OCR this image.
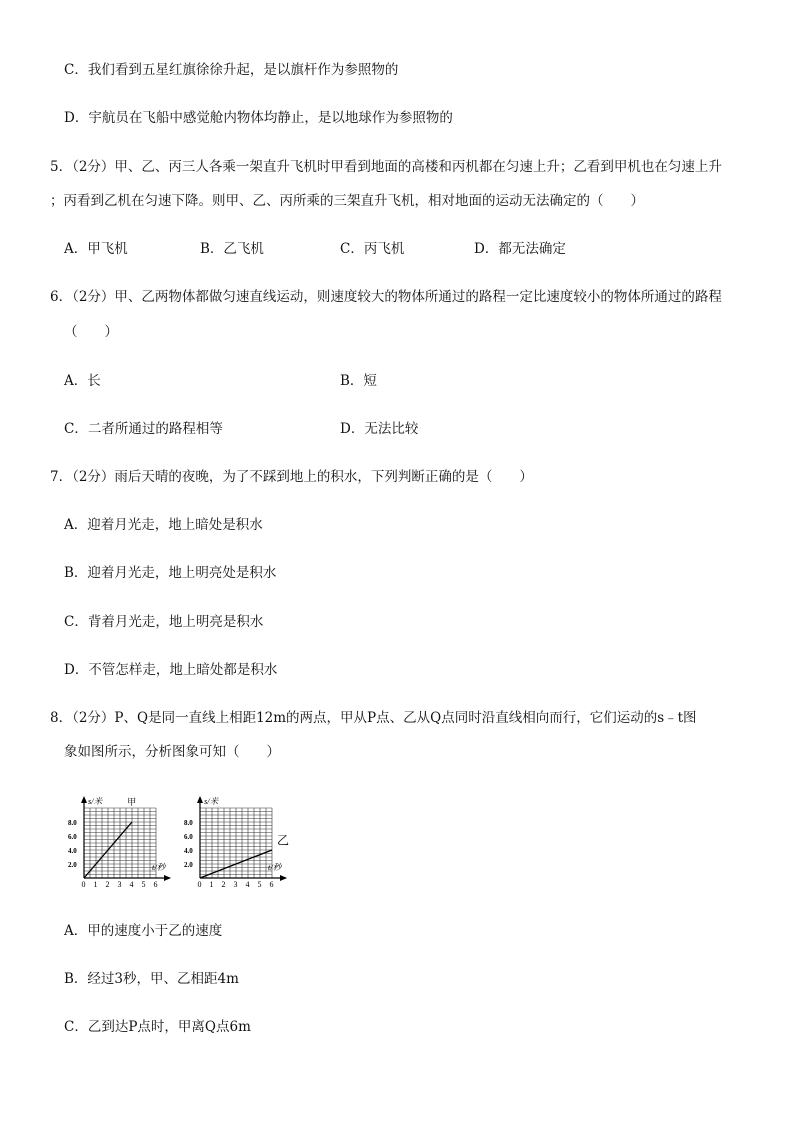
C．我们看到五星红旗徐徐升起，是以旗杆作为参照物的
D．宇航员在飞船中感觉舱内物体均静止，是以地球作为参照物的
5．（2分）甲、乙、丙三人各乘一架直升飞机时甲看到地面的高楼和丙机都在匀速上升；乙看到甲机也在匀速上升
；丙看到乙机在匀速下降。则甲、乙、丙所乘的三架直升飞机，相对地面的运动无法确定的（　　）
A．甲飞机	B．乙飞机	C．丙飞机	D．都无法确定
6．（2分）甲、乙两物体都做匀速直线运动，则速度较大的物体所通过的路程一定比速度较小的物体所通过的路程
（　　）
A．长	B．短
C．二者所通过的路程相等	D．无法比较
7．（2分）雨后天晴的夜晚，为了不踩到地上的积水，下列判断正确的是（　　）
A．迎着月光走，地上暗处是积水
B．迎着月光走，地上明亮处是积水
C．背着月光走，地上明亮是积水
D．不管怎样走，地上暗处都是积水
8．（2分）P、Q是同一直线上相距12m的两点，甲从P点、乙从Q点同时沿直线相向而行，它们运动的s﹣t图
象如图所示，分析图象可知（　　）
s/米
t/秒
0 1 2 3 4 5 6
2.0
4.0
6.0
8.0
甲	s/米
t/秒
0 1 2 3 4 5 6
2.0
4.0
6.0
8.0
乙
A．甲的速度小于乙的速度
B．经过3秒，甲、乙相距4m
C．乙到达P点时，甲离Q点6m
